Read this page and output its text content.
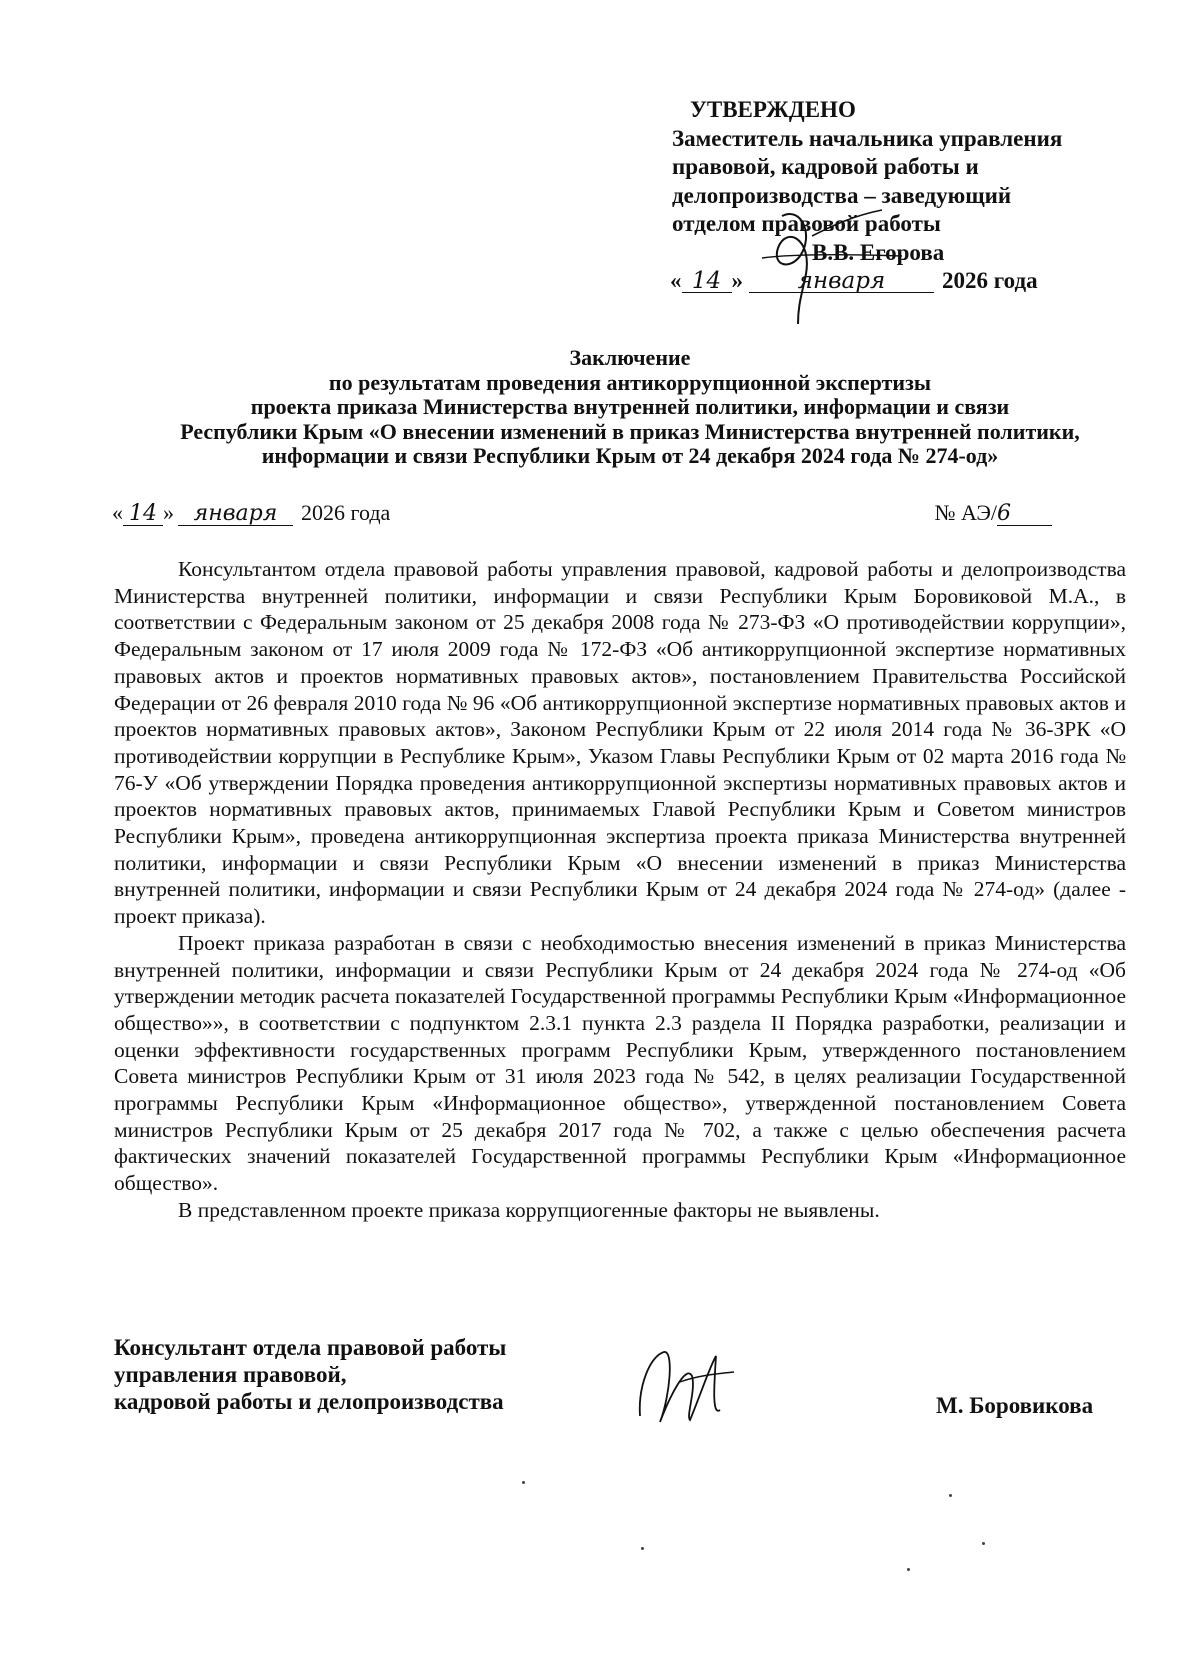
УТВЕРЖДЕНО
Заместитель начальника управления
правовой, кадровой работы и
делопроизводства – заведующий
отделом правовой работы
В.В. Егорова
« 14 » января 2026 года
Заключение
по результатам проведения антикоррупционной экспертизы
проекта приказа Министерства внутренней политики, информации и связи
Республики Крым «О внесении изменений в приказ Министерства внутренней политики,
информации и связи Республики Крым от 24 декабря 2024 года № 274-од»
« 14 » января 2026 года	№ АЭ/6

Консультантом отдела правовой работы управления правовой, кадровой работы и делопроизводства Министерства внутренней политики, информации и связи Республики Крым Боровиковой М.А., в соответствии с Федеральным законом от 25 декабря 2008 года № 273-ФЗ «О противодействии коррупции», Федеральным законом от 17 июля 2009 года № 172-ФЗ «Об антикоррупционной экспертизе нормативных правовых актов и проектов нормативных правовых актов», постановлением Правительства Российской Федерации от 26 февраля 2010 года № 96 «Об антикоррупционной экспертизе нормативных правовых актов и проектов нормативных правовых актов», Законом Республики Крым от 22 июля 2014 года № 36-ЗРК «О противодействии коррупции в Республике Крым», Указом Главы Республики Крым от 02 марта 2016 года № 76-У «Об утверждении Порядка проведения антикоррупционной экспертизы нормативных правовых актов и проектов нормативных правовых актов, принимаемых Главой Республики Крым и Советом министров Республики Крым», проведена антикоррупционная экспертиза проекта приказа Министерства внутренней политики, информации и связи Республики Крым «О внесении изменений в приказ Министерства внутренней политики, информации и связи Республики Крым от 24 декабря 2024 года № 274-од» (далее - проект приказа).

Проект приказа разработан в связи с необходимостью внесения изменений в приказ Министерства внутренней политики, информации и связи Республики Крым от 24 декабря 2024 года № 274-од «Об утверждении методик расчета показателей Государственной программы Республики Крым «Информационное общество»», в соответствии с подпунктом 2.3.1 пункта 2.3 раздела II Порядка разработки, реализации и оценки эффективности государственных программ Республики Крым, утвержденного постановлением Совета министров Республики Крым от 31 июля 2023 года № 542, в целях реализации Государственной программы Республики Крым «Информационное общество», утвержденной постановлением Совета министров Республики Крым от 25 декабря 2017 года № 702, а также с целью обеспечения расчета фактических значений показателей Государственной программы Республики Крым «Информационное общество».

В представленном проекте приказа коррупциогенные факторы не выявлены.

Консультант отдела правовой работы
управления правовой,
кадровой работы и делопроизводства	М. Боровикова
